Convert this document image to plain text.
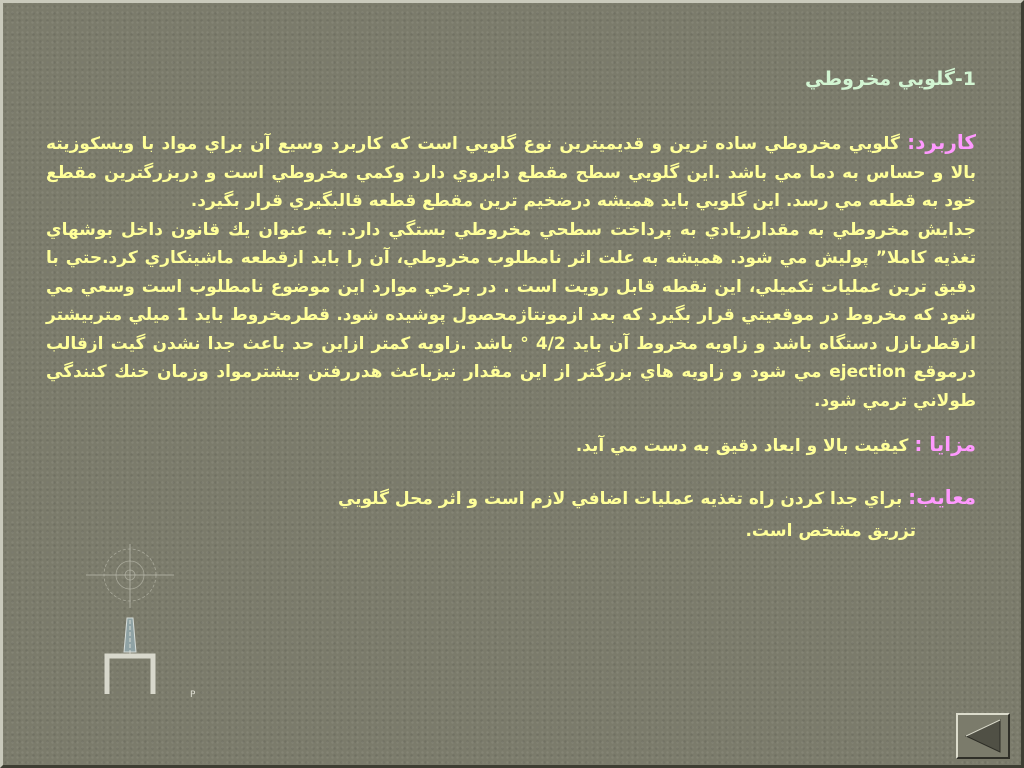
1-گلويي مخروطي

کاربرد: گلويي مخروطي ساده ترين و قديميترين نوع گلويي است كه كاربرد وسيع آن براي مواد با ويسكوزيته بالا و حساس به دما مي باشد .اين گلويي سطح مقطع دايروي دارد وكمي مخروطي است و دربزرگترين مقطع خود به قطعه مي رسد. اين گلويي بايد هميشه درضخيم ترين مقطع قطعه قالبگيري قرار بگيرد.
جدايش مخروطي به مقدارزيادي به پرداخت سطحي مخروطي بستگي دارد. به عنوان يك قانون داخل بوشهاي تغذيه كاملا” پوليش مي شود. هميشه به علت اثر نامطلوب مخروطي، آن را بايد ازقطعه ماشينكاري كرد.حتي با دقيق ترين عمليات تكميلي، اين نقطه قابل رويت است . در برخي موارد اين موضوع نامطلوب است وسعي مي شود كه مخروط در موقعيتي قرار بگيرد كه بعد ازمونتاژمحصول پوشيده شود. قطرمخروط بايد 1 ميلي متربيشتر ازقطرنازل دستگاه باشد و زاويه مخروط آن بايد 4/2 ° باشد .زاويه كمتر ازاين حد باعث جدا نشدن گيت ازقالب درموقع ejection مي شود و زاويه هاي بزرگتر از اين مقدار نيزباعث هدررفتن بيشترمواد وزمان خنك كنندگي طولاني ترمي شود.

مزايا : كيفيت بالا و ابعاد دقيق به دست مي آيد.
معايب: براي جدا كردن راه تغذيه عمليات اضافي لازم است و اثر محل گلويي
تزريق مشخص است.
P
